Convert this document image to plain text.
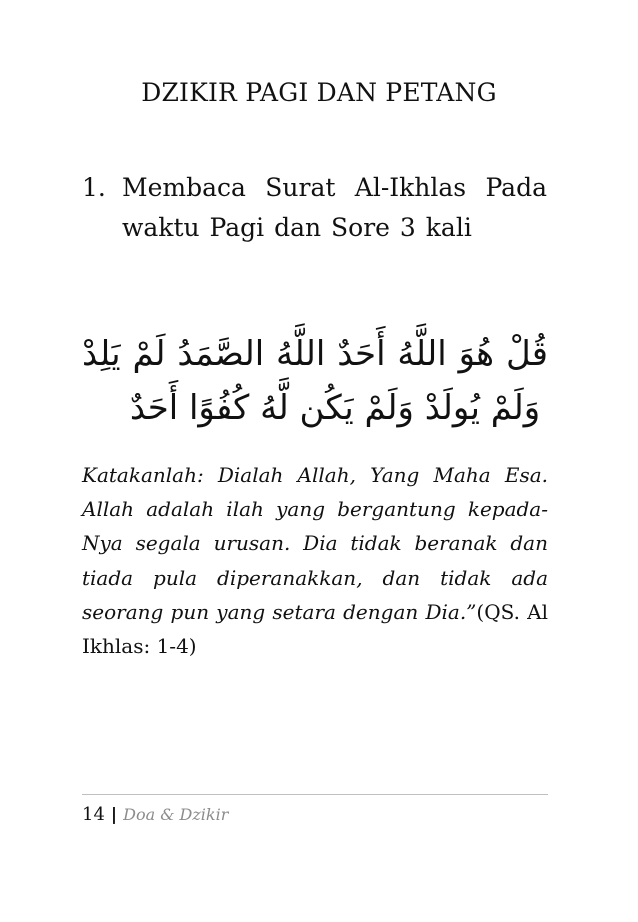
DZIKIR PAGI DAN PETANG
1. Membaca Surat Al-Ikhlas Pada waktu Pagi dan Sore 3 kali
قُلْ هُوَ اللَّهُ أَحَدٌ اللَّهُ الصَّمَدُ لَمْ يَلِدْ
وَلَمْ يُولَدْ وَلَمْ يَكُن لَّهُ كُفُوًا أَحَدٌ
Katakanlah: Dialah Allah, Yang Maha Esa. Allah adalah ilah yang bergantung kepada-Nya segala urusan. Dia tidak beranak dan tiada pula diperanakkan, dan tidak ada seorang pun yang setara dengan Dia.”(QS. Al Ikhlas: 1-4)
14 | Doa & Dzikir
